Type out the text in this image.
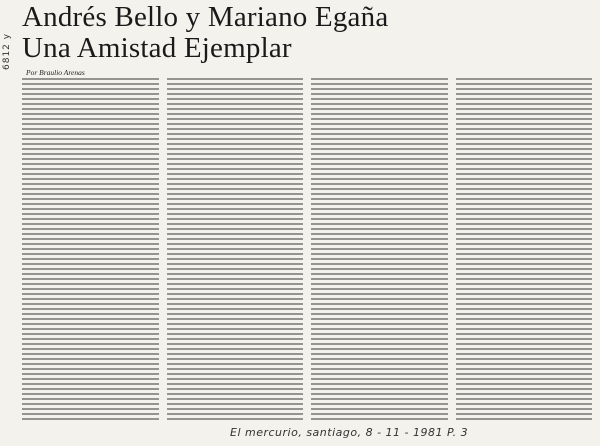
6812 y
Andrés Bello y Mariano Egaña
Una Amistad Ejemplar
Por Braulio Arenas
El mercurio, santiago, 8 - 11 - 1981 P. 3
